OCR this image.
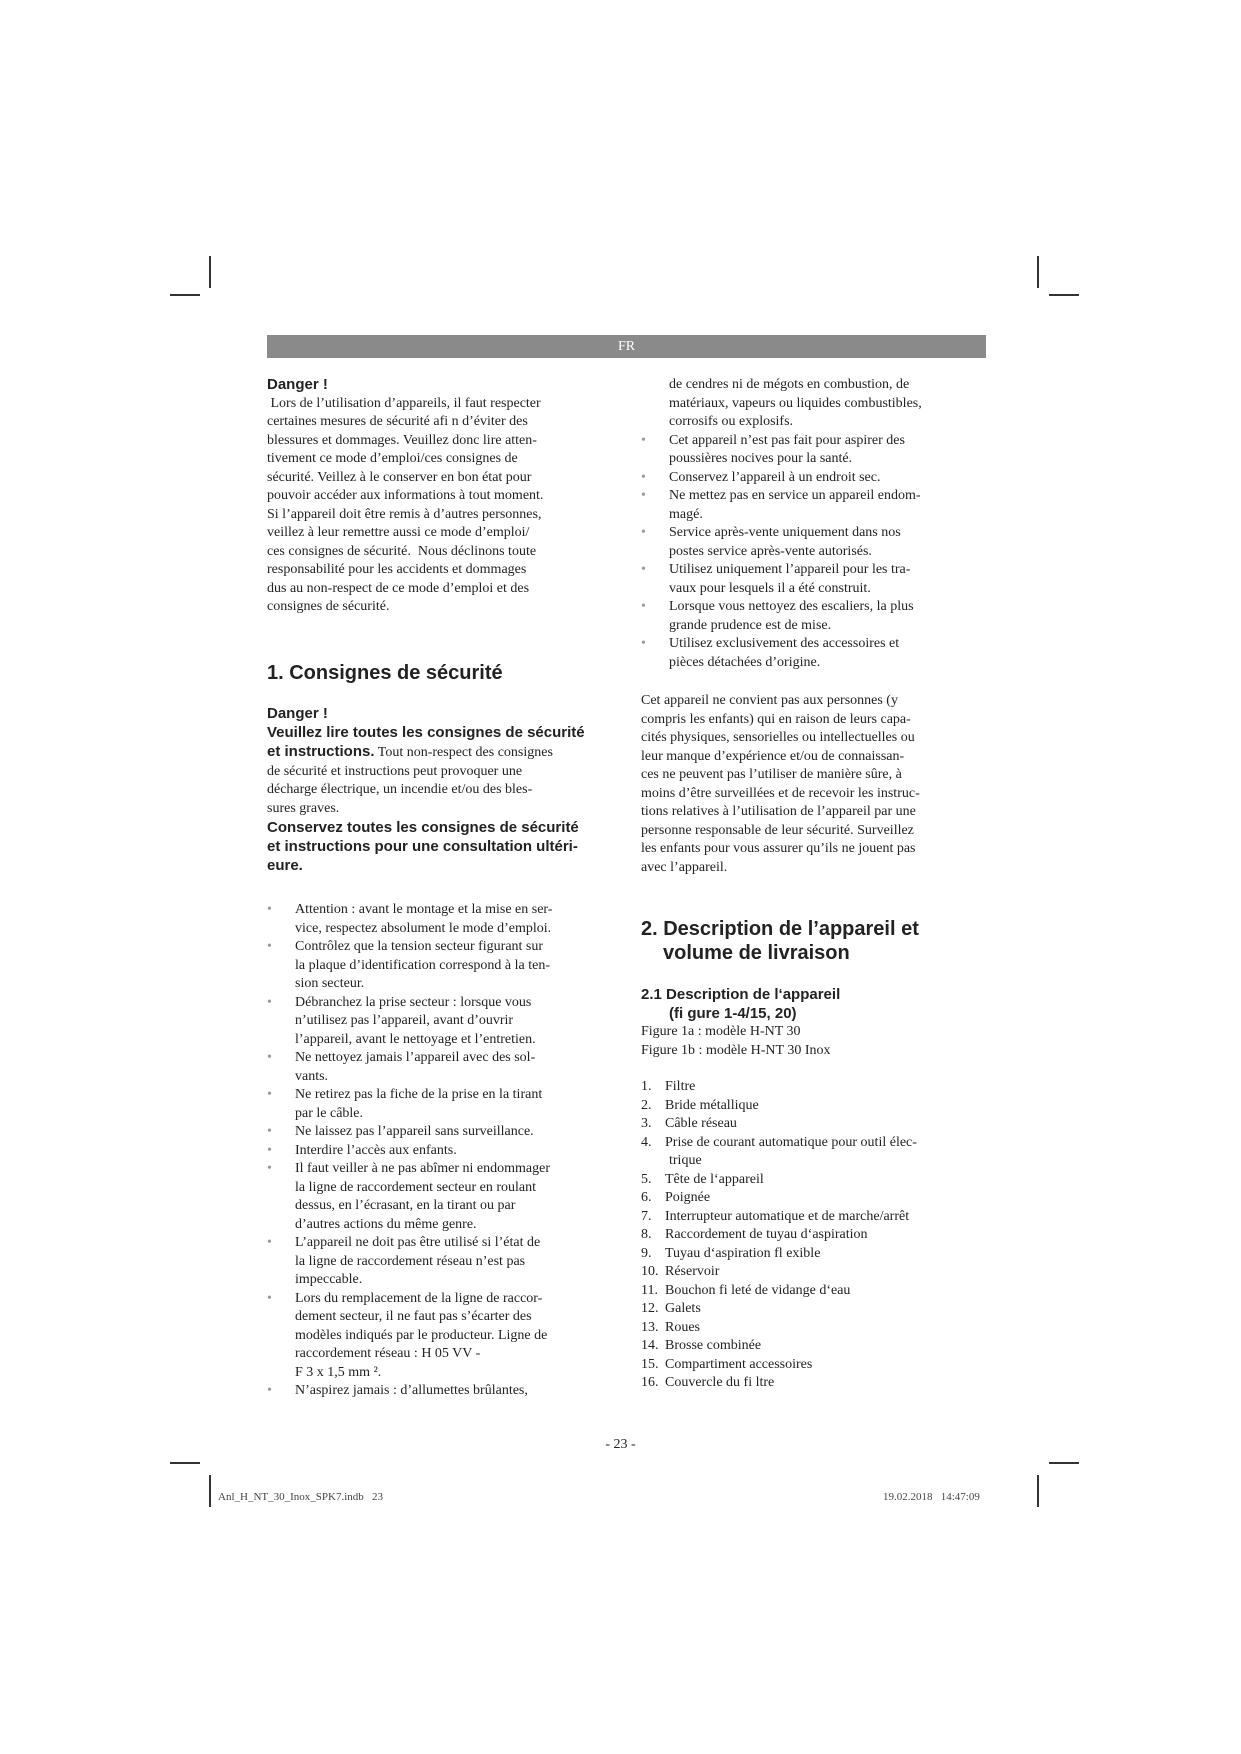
FR

Danger !

Lors de l’utilisation d’appareils, il faut respecter
certaines mesures de sécurité afi n d’éviter des
blessures et dommages. Veuillez donc lire atten-
tivement ce mode d’emploi/ces consignes de
sécurité. Veillez à le conserver en bon état pour
pouvoir accéder aux informations à tout moment.
Si l’appareil doit être remis à d’autres personnes,
veillez à leur remettre aussi ce mode d’emploi/
ces consignes de sécurité.  Nous déclinons toute
responsabilité pour les accidents et dommages
dus au non-respect de ce mode d’emploi et des
consignes de sécurité.
1. Consignes de sécurité

Danger !

Veuillez lire toutes les consignes de sécurité
et instructions. Tout non-respect des consignes
de sécurité et instructions peut provoquer une
décharge électrique, un incendie et/ou des bles-
sures graves.
Conservez toutes les consignes de sécurité
et instructions pour une consultation ultéri-
eure.
• Attention : avant le montage et la mise en ser-
vice, respectez absolument le mode d’emploi.
• Contrôlez que la tension secteur figurant sur
la plaque d’identification correspond à la ten-
sion secteur.
• Débranchez la prise secteur : lorsque vous
n’utilisez pas l’appareil, avant d’ouvrir
l’appareil, avant le nettoyage et l’entretien.
• Ne nettoyez jamais l’appareil avec des sol-
vants.
• Ne retirez pas la fiche de la prise en la tirant
par le câble.
• Ne laissez pas l’appareil sans surveillance.
• Interdire l’accès aux enfants.
• Il faut veiller à ne pas abîmer ni endommager
la ligne de raccordement secteur en roulant
dessus, en l’écrasant, en la tirant ou par
d’autres actions du même genre.
• L’appareil ne doit pas être utilisé si l’état de
la ligne de raccordement réseau n’est pas
impeccable.
• Lors du remplacement de la ligne de raccor-
dement secteur, il ne faut pas s’écarter des
modèles indiqués par le producteur. Ligne de
raccordement réseau : H 05 VV -
F 3 x 1,5 mm ².
• N’aspirez jamais : d’allumettes brûlantes,
de cendres ni de mégots en combustion, de
matériaux, vapeurs ou liquides combustibles,
corrosifs ou explosifs.
• Cet appareil n’est pas fait pour aspirer des
poussières nocives pour la santé.
• Conservez l’appareil à un endroit sec.
• Ne mettez pas en service un appareil endom-
magé.
• Service après-vente uniquement dans nos
postes service après-vente autorisés.
• Utilisez uniquement l’appareil pour les tra-
vaux pour lesquels il a été construit.
• Lorsque vous nettoyez des escaliers, la plus
grande prudence est de mise.
• Utilisez exclusivement des accessoires et
pièces détachées d’origine.
Cet appareil ne convient pas aux personnes (y
compris les enfants) qui en raison de leurs capa-
cités physiques, sensorielles ou intellectuelles ou
leur manque d’expérience et/ou de connaissan-
ces ne peuvent pas l’utiliser de manière sûre, à
moins d’être surveillées et de recevoir les instruc-
tions relatives à l’utilisation de l’appareil par une
personne responsable de leur sécurité. Surveillez
les enfants pour vous assurer qu’ils ne jouent pas
avec l’appareil.
2. Description de l’appareil et
volume de livraison
2.1 Description de l‘appareil
(fi gure 1-4/15, 20)
Figure 1a : modèle H-NT 30
Figure 1b : modèle H-NT 30 Inox
1. Filtre
2. Bride métallique
3. Câble réseau
4. Prise de courant automatique pour outil élec-
trique
5. Tête de l‘appareil
6. Poignée
7. Interrupteur automatique et de marche/arrêt
8. Raccordement de tuyau d‘aspiration
9. Tuyau d‘aspiration fl exible
10. Réservoir
11. Bouchon fi leté de vidange d‘eau
12. Galets
13. Roues
14. Brosse combinée
15. Compartiment accessoires
16. Couvercle du fi ltre
- 23 -
Anl_H_NT_30_Inox_SPK7.indb   23	19.02.2018   14:47:09
